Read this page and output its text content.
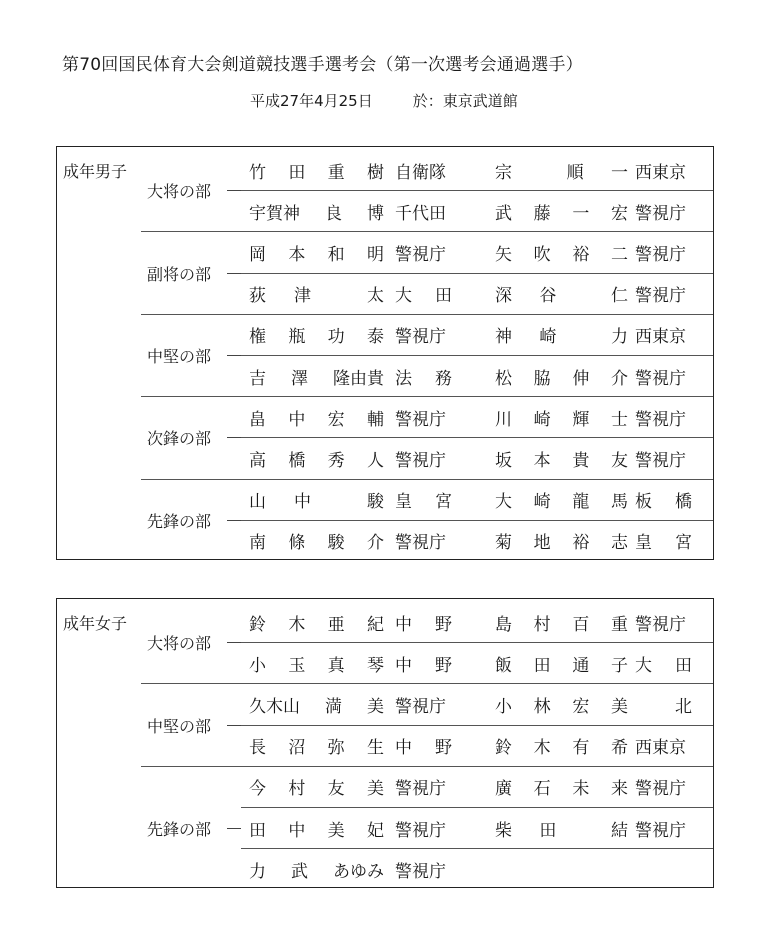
第70回国民体育大会剣道競技選手選考会（第一次選考会通過選手）
平成27年4月25日	於：東京武道館
成年男子
大将の部
竹 田 重 樹 自衛隊	宗	順 一 西東京
宇賀神 良 博 千代田	武 藤 一 宏 警視庁
副将の部
岡 本 和 明 警視庁	矢 吹 裕 二 警視庁
荻 津	太 大 田	深 谷	仁 警視庁
中堅の部
権 瓶 功 泰 警視庁	神 崎	力 西東京
吉 澤 隆由貴 法 務	松 脇 伸 介 警視庁
次鋒の部
畠 中 宏 輔 警視庁	川 崎 輝 士 警視庁
高 橋 秀 人 警視庁	坂 本 貴 友 警視庁
先鋒の部
山 中	駿 皇 宮	大 崎 龍 馬 板 橋
南 條 駿 介 警視庁	菊 地 裕 志 皇 宮
成年女子
大将の部
鈴 木 亜 紀 中 野	島 村 百 重 警視庁
小 玉 真 琴 中 野	飯 田 通 子 大 田
中堅の部
久木山 満 美 警視庁	小 林 宏 美	北
長 沼 弥 生 中 野	鈴 木 有 希 西東京
先鋒の部
今 村 友 美 警視庁	廣 石 未 来 警視庁
田 中 美 妃 警視庁	柴 田	結 警視庁
力 武 あゆみ 警視庁
